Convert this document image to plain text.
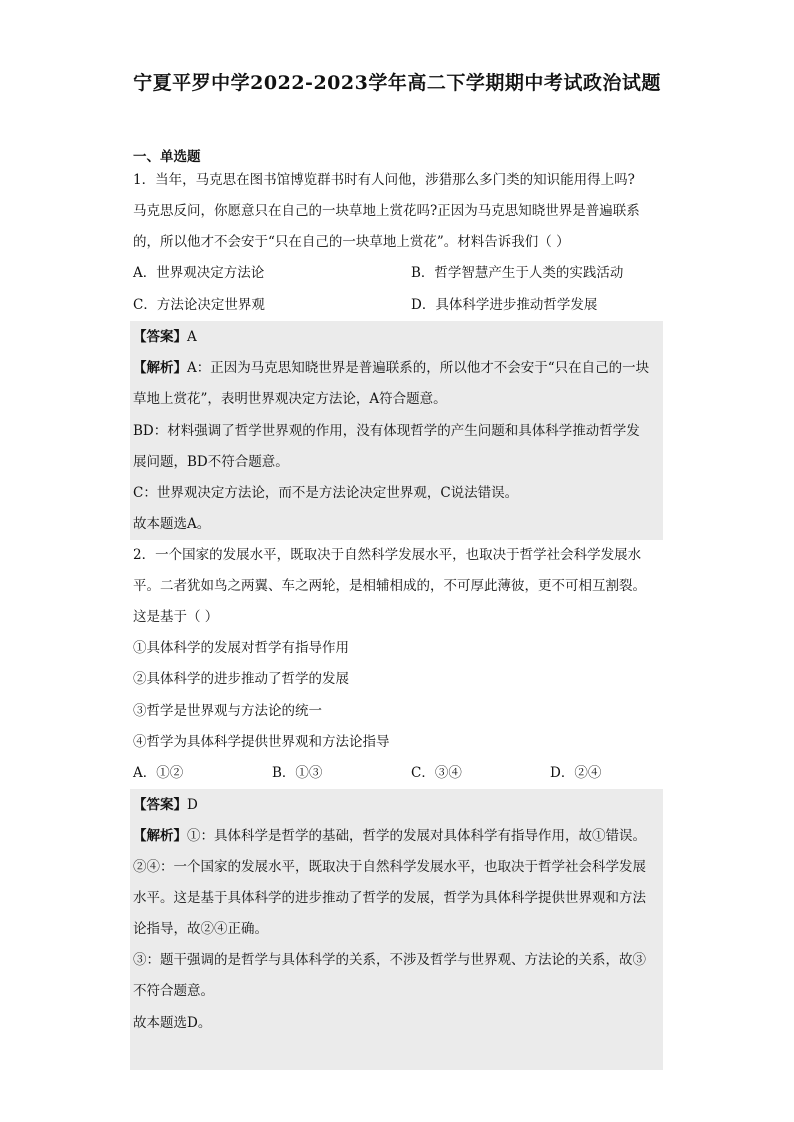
宁夏平罗中学2022-2023学年高二下学期期中考试政治试题
一、单选题
1．当年，马克思在图书馆博览群书时有人问他，涉猎那么多门类的知识能用得上吗?
马克思反问，你愿意只在自己的一块草地上赏花吗?正因为马克思知晓世界是普遍联系
的，所以他才不会安于“只在自己的一块草地上赏花”。材料告诉我们（ ）
A．世界观决定方法论	B．哲学智慧产生于人类的实践活动
C．方法论决定世界观	D．具体科学进步推动哲学发展
【答案】A
【解析】A：正因为马克思知晓世界是普遍联系的，所以他才不会安于“只在自己的一块
草地上赏花”，表明世界观决定方法论，A符合题意。
BD：材料强调了哲学世界观的作用，没有体现哲学的产生问题和具体科学推动哲学发
展问题，BD不符合题意。
C：世界观决定方法论，而不是方法论决定世界观，C说法错误。
故本题选A。
2．一个国家的发展水平，既取决于自然科学发展水平，也取决于哲学社会科学发展水
平。二者犹如鸟之两翼、车之两轮，是相辅相成的，不可厚此薄彼，更不可相互割裂。
这是基于（ ）
①具体科学的发展对哲学有指导作用
②具体科学的进步推动了哲学的发展
③哲学是世界观与方法论的统一
④哲学为具体科学提供世界观和方法论指导
A．①②	B．①③	C．③④	D．②④
【答案】D
【解析】①：具体科学是哲学的基础，哲学的发展对具体科学有指导作用，故①错误。
②④：一个国家的发展水平，既取决于自然科学发展水平，也取决于哲学社会科学发展
水平。这是基于具体科学的进步推动了哲学的发展，哲学为具体科学提供世界观和方法
论指导，故②④正确。
③：题干强调的是哲学与具体科学的关系，不涉及哲学与世界观、方法论的关系，故③
不符合题意。
故本题选D。
